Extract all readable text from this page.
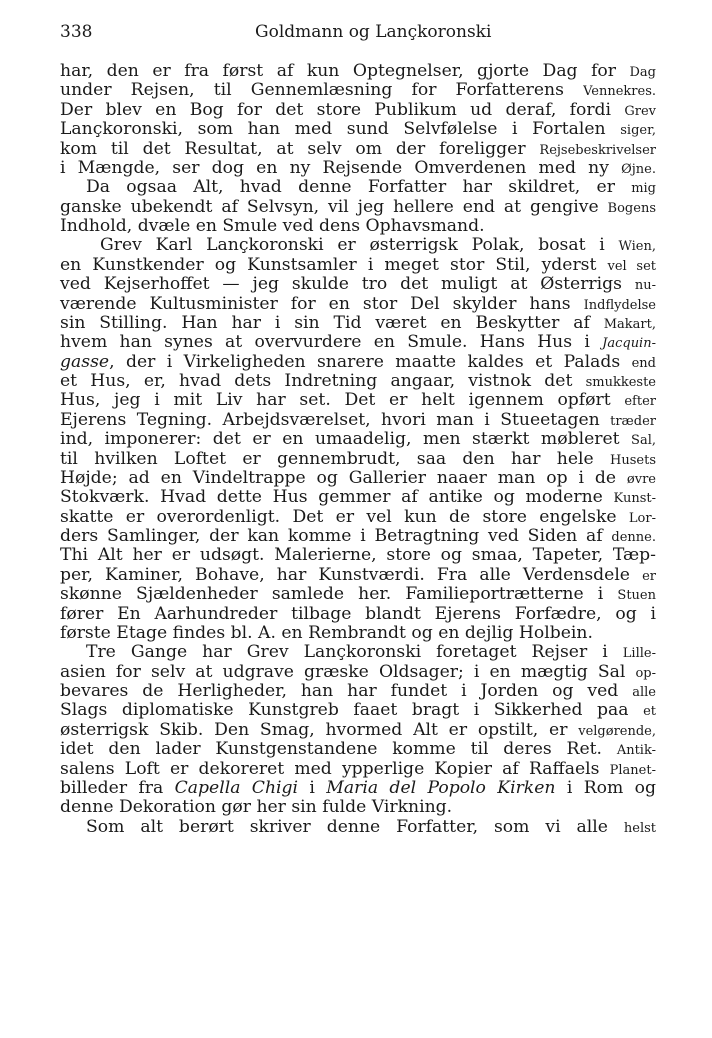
338	Goldmann og Lançkoronski
har, den er fra først af kun Optegnelser, gjorte Dag for Dag
under Rejsen, til Gennemlæsning for Forfatterens Vennekres.
Der blev en Bog for det store Publikum ud deraf, fordi Grev
Lançkoronski, som han med sund Selvfølelse i Fortalen siger,
kom til det Resultat, at selv om der foreligger Rejsebeskrivelser
i Mængde, ser dog en ny Rejsende Omverdenen med ny Øjne.
Da ogsaa Alt, hvad denne Forfatter har skildret, er mig
ganske ubekendt af Selvsyn, vil jeg hellere end at gengive Bogens
Indhold, dvæle en Smule ved dens Ophavsmand.
Grev Karl Lançkoronski er østerrigsk Polak, bosat i Wien,
en Kunstkender og Kunstsamler i meget stor Stil, yderst vel set
ved Kejserhoffet — jeg skulde tro det muligt at Østerrigs nu-
værende Kultusminister for en stor Del skylder hans Indflydelse
sin Stilling. Han har i sin Tid været en Beskytter af Makart,
hvem han synes at overvurdere en Smule. Hans Hus i Jacquin-
gasse, der i Virkeligheden snarere maatte kaldes et Palads end
et Hus, er, hvad dets Indretning angaar, vistnok det smukkeste
Hus, jeg i mit Liv har set. Det er helt igennem opført efter
Ejerens Tegning. Arbejdsværelset, hvori man i Stueetagen træder
ind, imponerer: det er en umaadelig, men stærkt møbleret Sal,
til hvilken Loftet er gennembrudt, saa den har hele Husets
Højde; ad en Vindeltrappe og Gallerier naaer man op i de øvre
Stokværk. Hvad dette Hus gemmer af antike og moderne Kunst-
skatte er overordenligt. Det er vel kun de store engelske Lor-
ders Samlinger, der kan komme i Betragtning ved Siden af denne.
Thi Alt her er udsøgt. Malerierne, store og smaa, Tapeter, Tæp-
per, Kaminer, Bohave, har Kunstværdi. Fra alle Verdensdele er
skønne Sjældenheder samlede her. Familieportrætterne i Stuen
fører En Aarhundreder tilbage blandt Ejerens Forfædre, og i
første Etage findes bl. A. en Rembrandt og en dejlig Holbein.
Tre Gange har Grev Lançkoronski foretaget Rejser i Lille-
asien for selv at udgrave græske Oldsager; i en mægtig Sal op-
bevares de Herligheder, han har fundet i Jorden og ved alle
Slags diplomatiske Kunstgreb faaet bragt i Sikkerhed paa et
østerrigsk Skib. Den Smag, hvormed Alt er opstilt, er velgørende,
idet den lader Kunstgenstandene komme til deres Ret. Antik-
salens Loft er dekoreret med ypperlige Kopier af Raffaels Planet-
billeder fra Capella Chigi i Maria del Popolo Kirken i Rom og
denne Dekoration gør her sin fulde Virkning.
Som alt berørt skriver denne Forfatter, som vi alle helst
